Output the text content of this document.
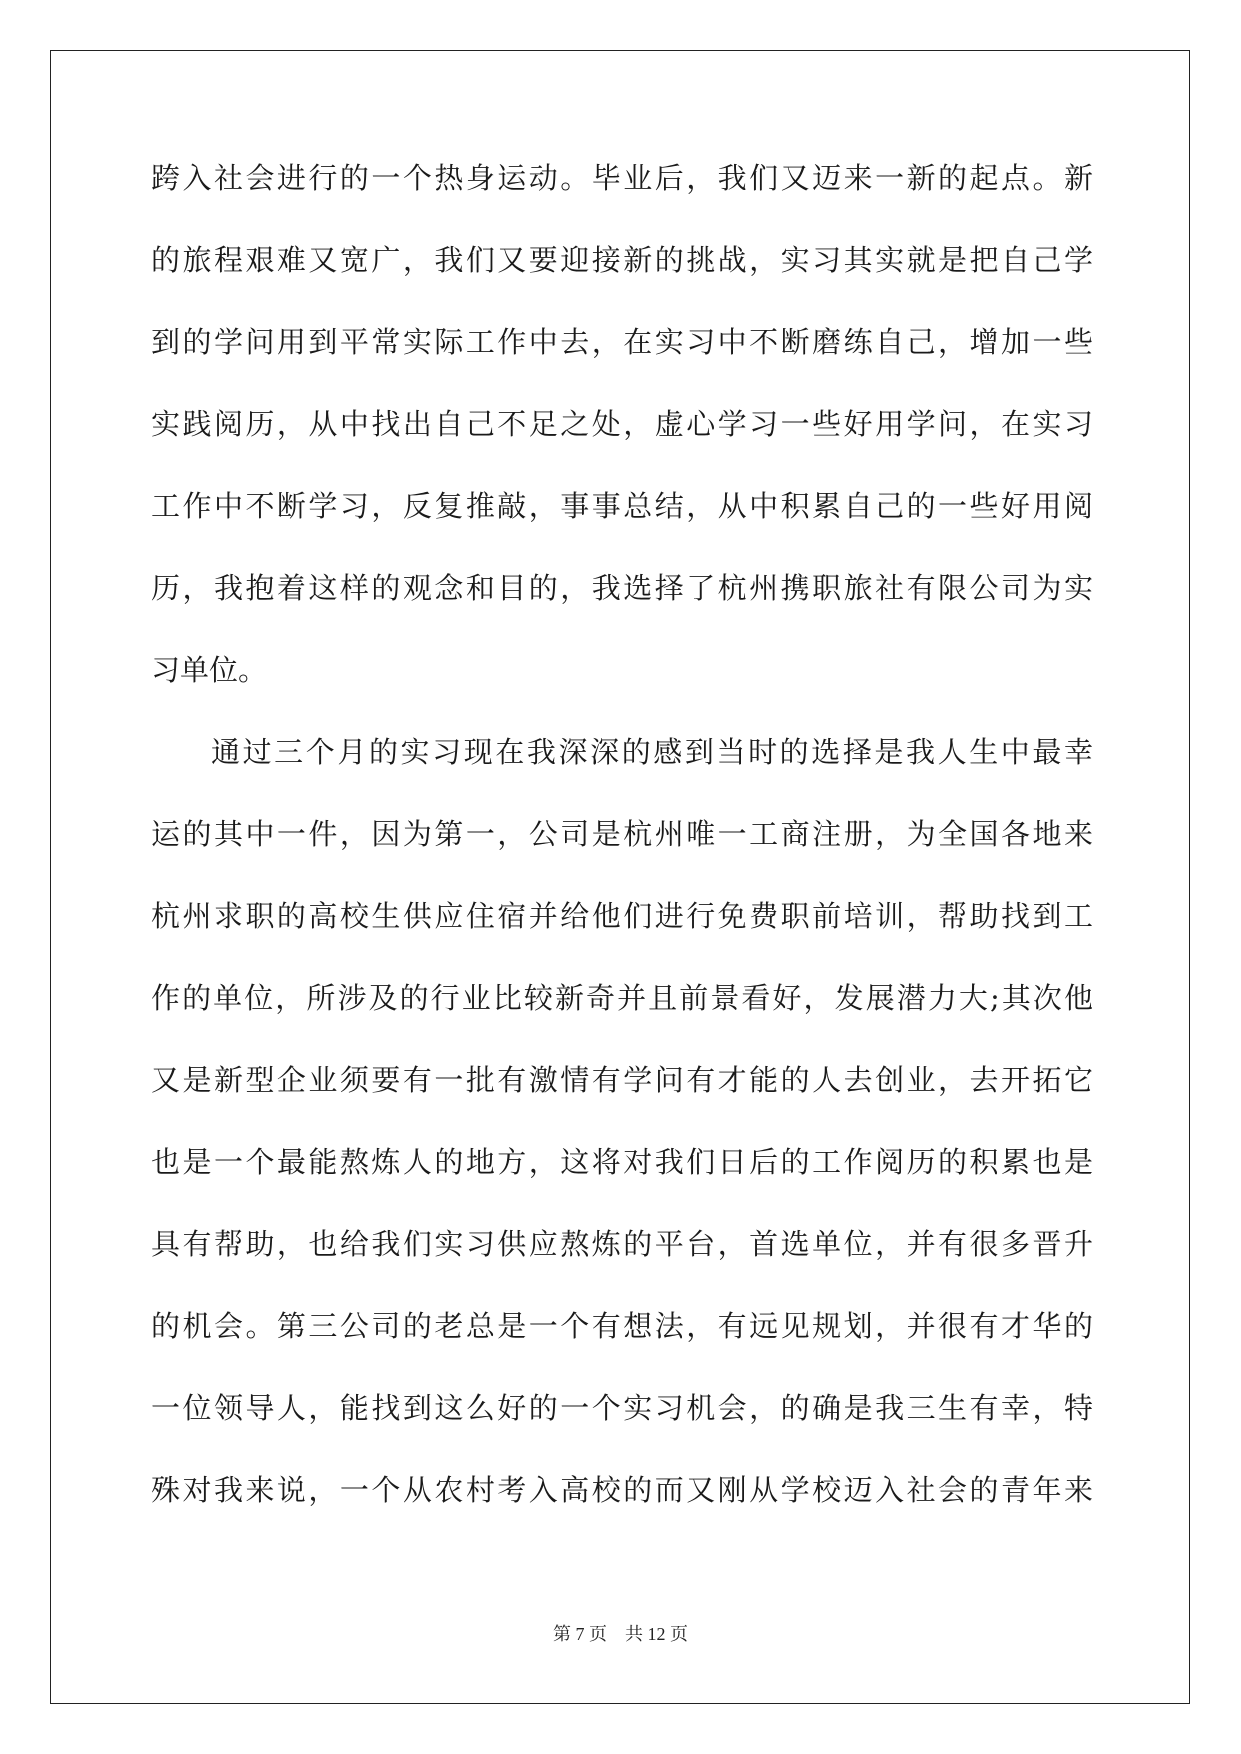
跨入社会进行的一个热身运动。毕业后，我们又迈来一新的起点。新
的旅程艰难又宽广，我们又要迎接新的挑战，实习其实就是把自己学
到的学问用到平常实际工作中去，在实习中不断磨练自己，增加一些
实践阅历，从中找出自己不足之处，虚心学习一些好用学问，在实习
工作中不断学习，反复推敲，事事总结，从中积累自己的一些好用阅
历，我抱着这样的观念和目的，我选择了杭州携职旅社有限公司为实
习单位。
通过三个月的实习现在我深深的感到当时的选择是我人生中最幸
运的其中一件，因为第一，公司是杭州唯一工商注册，为全国各地来
杭州求职的高校生供应住宿并给他们进行免费职前培训，帮助找到工
作的单位，所涉及的行业比较新奇并且前景看好，发展潜力大;其次他
又是新型企业须要有一批有激情有学问有才能的人去创业，去开拓它
也是一个最能熬炼人的地方，这将对我们日后的工作阅历的积累也是
具有帮助，也给我们实习供应熬炼的平台，首选单位，并有很多晋升
的机会。第三公司的老总是一个有想法，有远见规划，并很有才华的
一位领导人，能找到这么好的一个实习机会，的确是我三生有幸，特
殊对我来说，一个从农村考入高校的而又刚从学校迈入社会的青年来
第 7 页　共 12 页
